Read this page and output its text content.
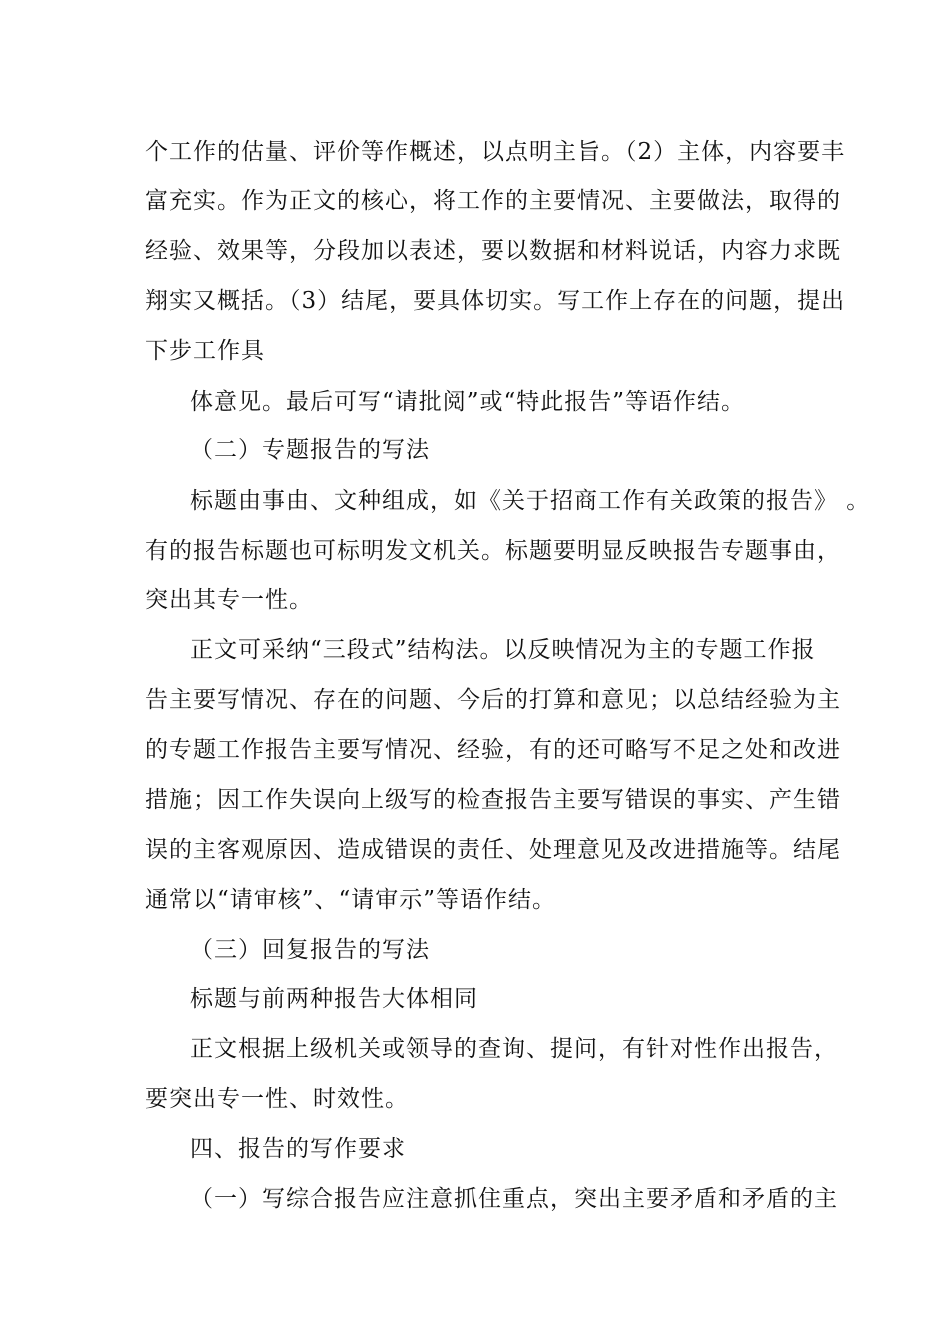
个工作的估量、评价等作概述，以点明主旨。（2）主体，内容要丰
富充实。作为正文的核心，将工作的主要情况、主要做法，取得的
经验、效果等，分段加以表述，要以数据和材料说话，内容力求既
翔实又概括。（3）结尾，要具体切实。写工作上存在的问题，提出
下步工作具
体意见。最后可写“请批阅”或“特此报告”等语作结。
（二）专题报告的写法
标题由事由、文种组成，如《关于招商工作有关政策的报告》 。
有的报告标题也可标明发文机关。标题要明显反映报告专题事由，
突出其专一性。
正文可采纳“三段式”结构法。以反映情况为主的专题工作报
告主要写情况、存在的问题、今后的打算和意见；以总结经验为主
的专题工作报告主要写情况、经验，有的还可略写不足之处和改进
措施；因工作失误向上级写的检查报告主要写错误的事实、产生错
误的主客观原因、造成错误的责任、处理意见及改进措施等。结尾
通常以“请审核”、“请审示”等语作结。
（三）回复报告的写法
标题与前两种报告大体相同
正文根据上级机关或领导的查询、提问，有针对性作出报告，
要突出专一性、时效性。
四、报告的写作要求
（一）写综合报告应注意抓住重点，突出主要矛盾和矛盾的主
